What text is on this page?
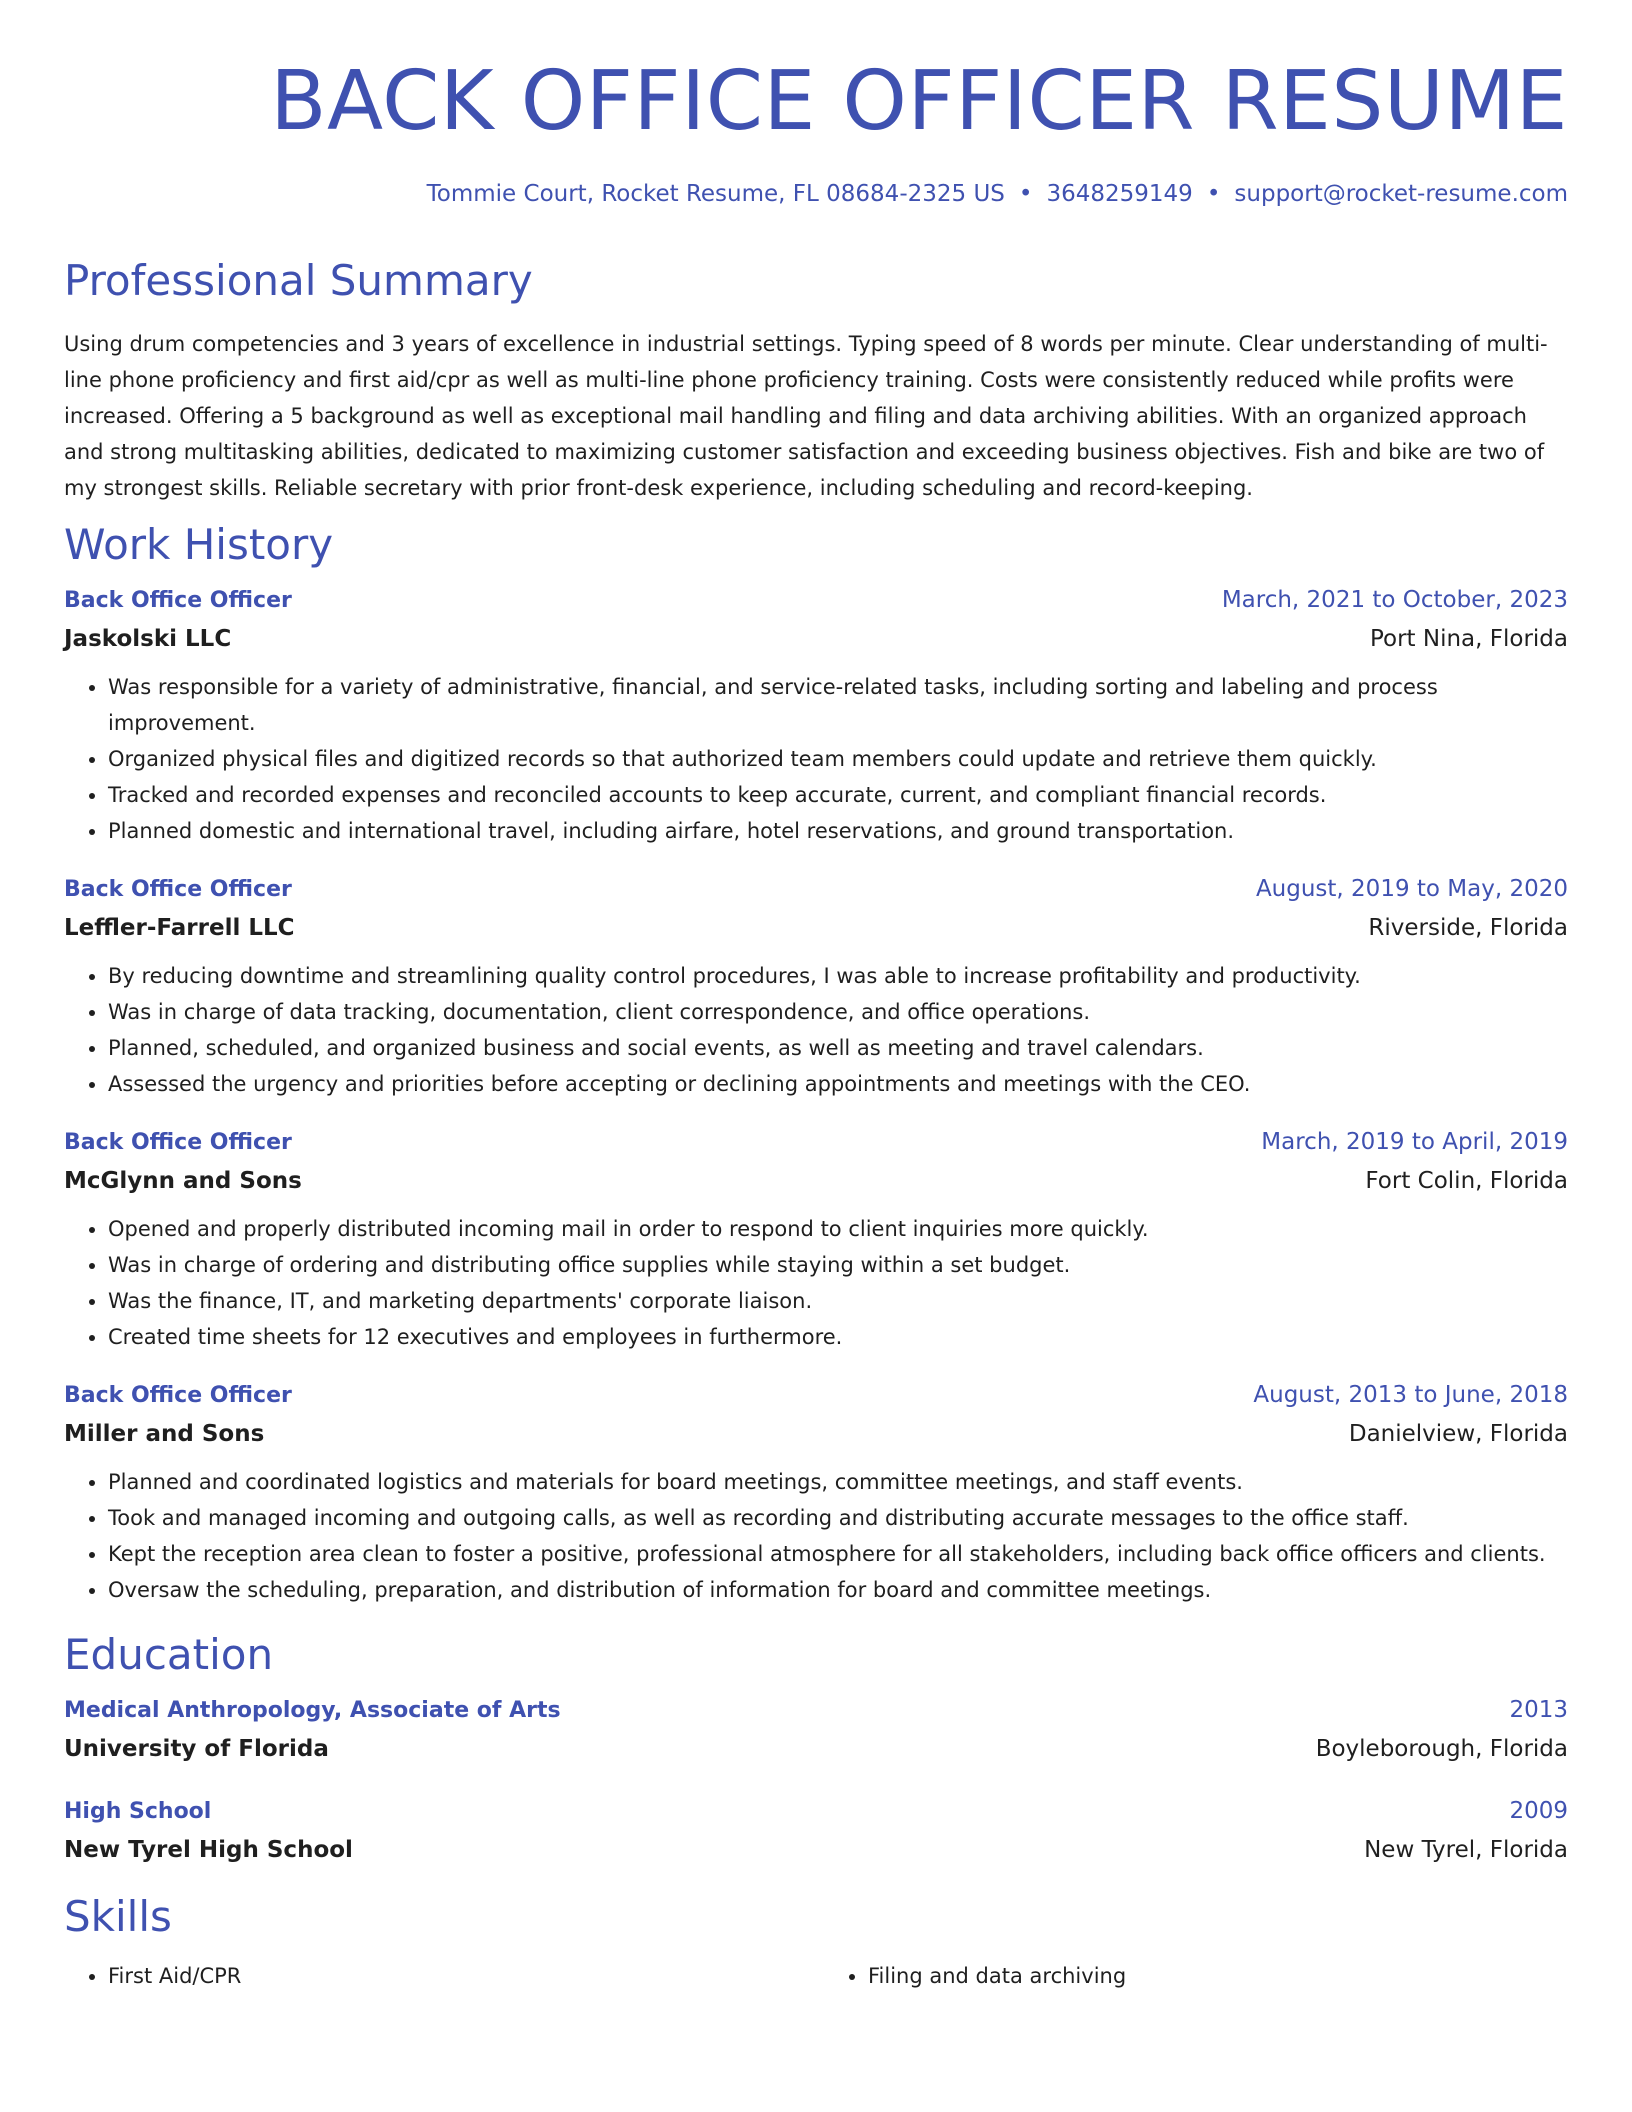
BACK OFFICE OFFICER RESUME
Tommie Court, Rocket Resume, FL 08684-2325 US • 3648259149 • support@rocket-resume.com
Professional Summary

Using drum competencies and 3 years of excellence in industrial settings. Typing speed of 8 words per minute. Clear understanding of multi-line phone proficiency and first aid/cpr as well as multi-line phone proficiency training. Costs were consistently reduced while profits were increased. Offering a 5 background as well as exceptional mail handling and filing and data archiving abilities. With an organized approach and strong multitasking abilities, dedicated to maximizing customer satisfaction and exceeding business objectives. Fish and bike are two of my strongest skills. Reliable secretary with prior front-desk experience, including scheduling and record-keeping.

Work History
Back Office Officer	March, 2021 to October, 2023
Jaskolski LLC	Port Nina, Florida
• Was responsible for a variety of administrative, financial, and service-related tasks, including sorting and labeling and process improvement.
• Organized physical files and digitized records so that authorized team members could update and retrieve them quickly.
• Tracked and recorded expenses and reconciled accounts to keep accurate, current, and compliant financial records.
• Planned domestic and international travel, including airfare, hotel reservations, and ground transportation.
Back Office Officer	August, 2019 to May, 2020
Leffler-Farrell LLC	Riverside, Florida
• By reducing downtime and streamlining quality control procedures, I was able to increase profitability and productivity.
• Was in charge of data tracking, documentation, client correspondence, and office operations.
• Planned, scheduled, and organized business and social events, as well as meeting and travel calendars.
• Assessed the urgency and priorities before accepting or declining appointments and meetings with the CEO.
Back Office Officer	March, 2019 to April, 2019
McGlynn and Sons	Fort Colin, Florida
• Opened and properly distributed incoming mail in order to respond to client inquiries more quickly.
• Was in charge of ordering and distributing office supplies while staying within a set budget.
• Was the finance, IT, and marketing departments' corporate liaison.
• Created time sheets for 12 executives and employees in furthermore.
Back Office Officer	August, 2013 to June, 2018
Miller and Sons	Danielview, Florida
• Planned and coordinated logistics and materials for board meetings, committee meetings, and staff events.
• Took and managed incoming and outgoing calls, as well as recording and distributing accurate messages to the office staff.
• Kept the reception area clean to foster a positive, professional atmosphere for all stakeholders, including back office officers and clients.
• Oversaw the scheduling, preparation, and distribution of information for board and committee meetings.
Education
Medical Anthropology, Associate of Arts	2013
University of Florida	Boyleborough, Florida
High School	2009
New Tyrel High School	New Tyrel, Florida
Skills
• First Aid/CPR
•	Filing and data archiving
